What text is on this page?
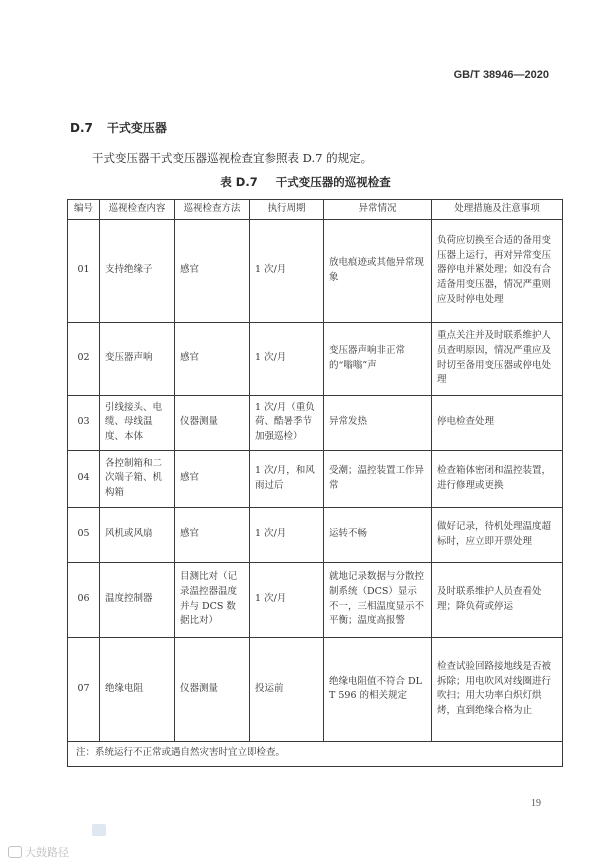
GB/T 38946—2020
D.7 干式变压器
干式变压器干式变压器巡视检查宜参照表 D.7 的规定。
表 D.7 干式变压器的巡视检查
编号	巡视检查内容	巡视检查方法	执行周期	异常情况	处理措施及注意事项
01	支持绝缘子	感官	1 次/月	放电痕迹或其他异常现象	负荷应切换至合适的备用变压器上运行，再对异常变压器停电并紧处理；如没有合适备用变压器，情况严重则应及时停电处理
02	变压器声响	感官	1 次/月	变压器声响非正常的“嗡嗡”声	重点关注并及时联系维护人员查明原因，情况严重应及时切至备用变压器或停电处理
03	引线接头、电缆、母线温度、本体	仪器测量	1 次/月（重负荷、酷暑季节加强巡检）	异常发热	停电检查处理
04	各控制箱和二次端子箱、机构箱	感官	1 次/月，和风雨过后	受潮；温控装置工作异常	检查箱体密闭和温控装置，进行修理或更换
05	风机或风扇	感官	1 次/月	运转不畅	做好记录，待机处理温度超标时，应立即开票处理
06	温度控制器	目测比对（记录温控器温度并与 DCS 数据比对）	1 次/月	就地记录数据与分散控制系统（DCS）显示不一，三相温度显示不平衡；温度高报警	及时联系维护人员查看处理；降负荷或停运
07	绝缘电阻	仪器测量	投运前	绝缘电阻值不符合 DL T 596 的相关规定	检查试验回路接地线是否被拆除；用电吹风对线圈进行吹扫；用大功率白炽灯烘烤，直到绝缘合格为止
注：系统运行不正常或遇自然灾害时宜立即检查。					
19
大鼓路径
